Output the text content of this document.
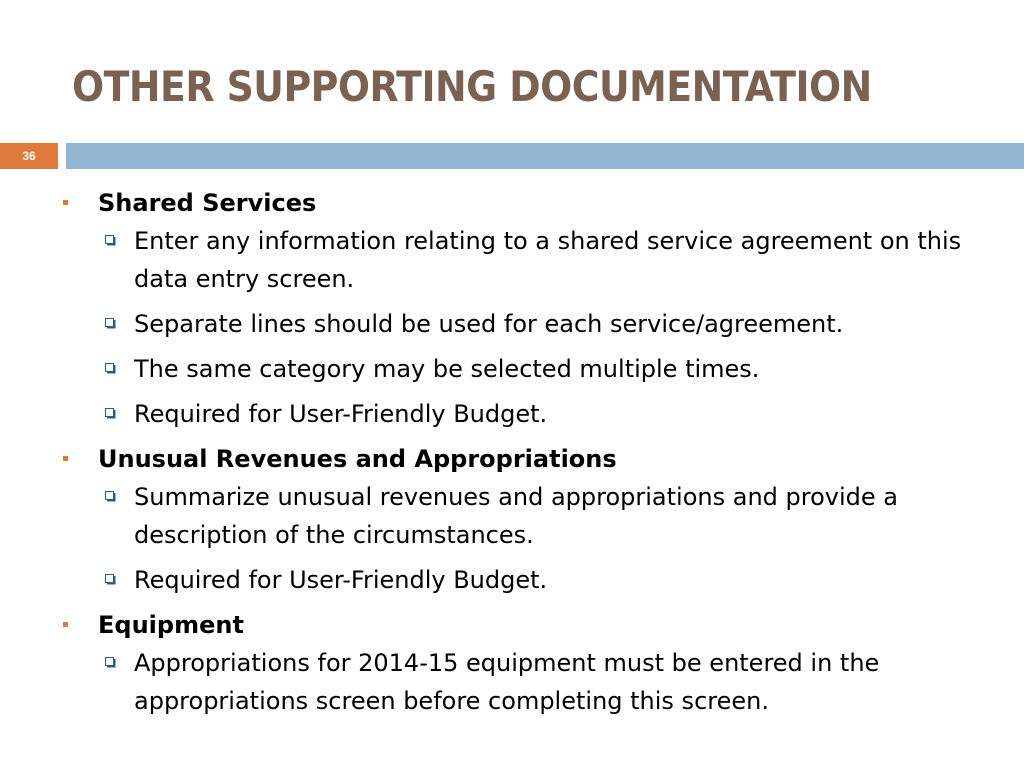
OTHER SUPPORTING DOCUMENTATION
36
Shared Services
Enter any information relating to a shared service agreement on this data entry screen.
Separate lines should be used for each service/agreement.
The same category may be selected multiple times.
Required for User-Friendly Budget.
Unusual Revenues and Appropriations
Summarize unusual revenues and appropriations and provide a description of the circumstances.
Required for User-Friendly Budget.
Equipment
Appropriations for 2014-15 equipment must be entered in the appropriations screen before completing this screen.
